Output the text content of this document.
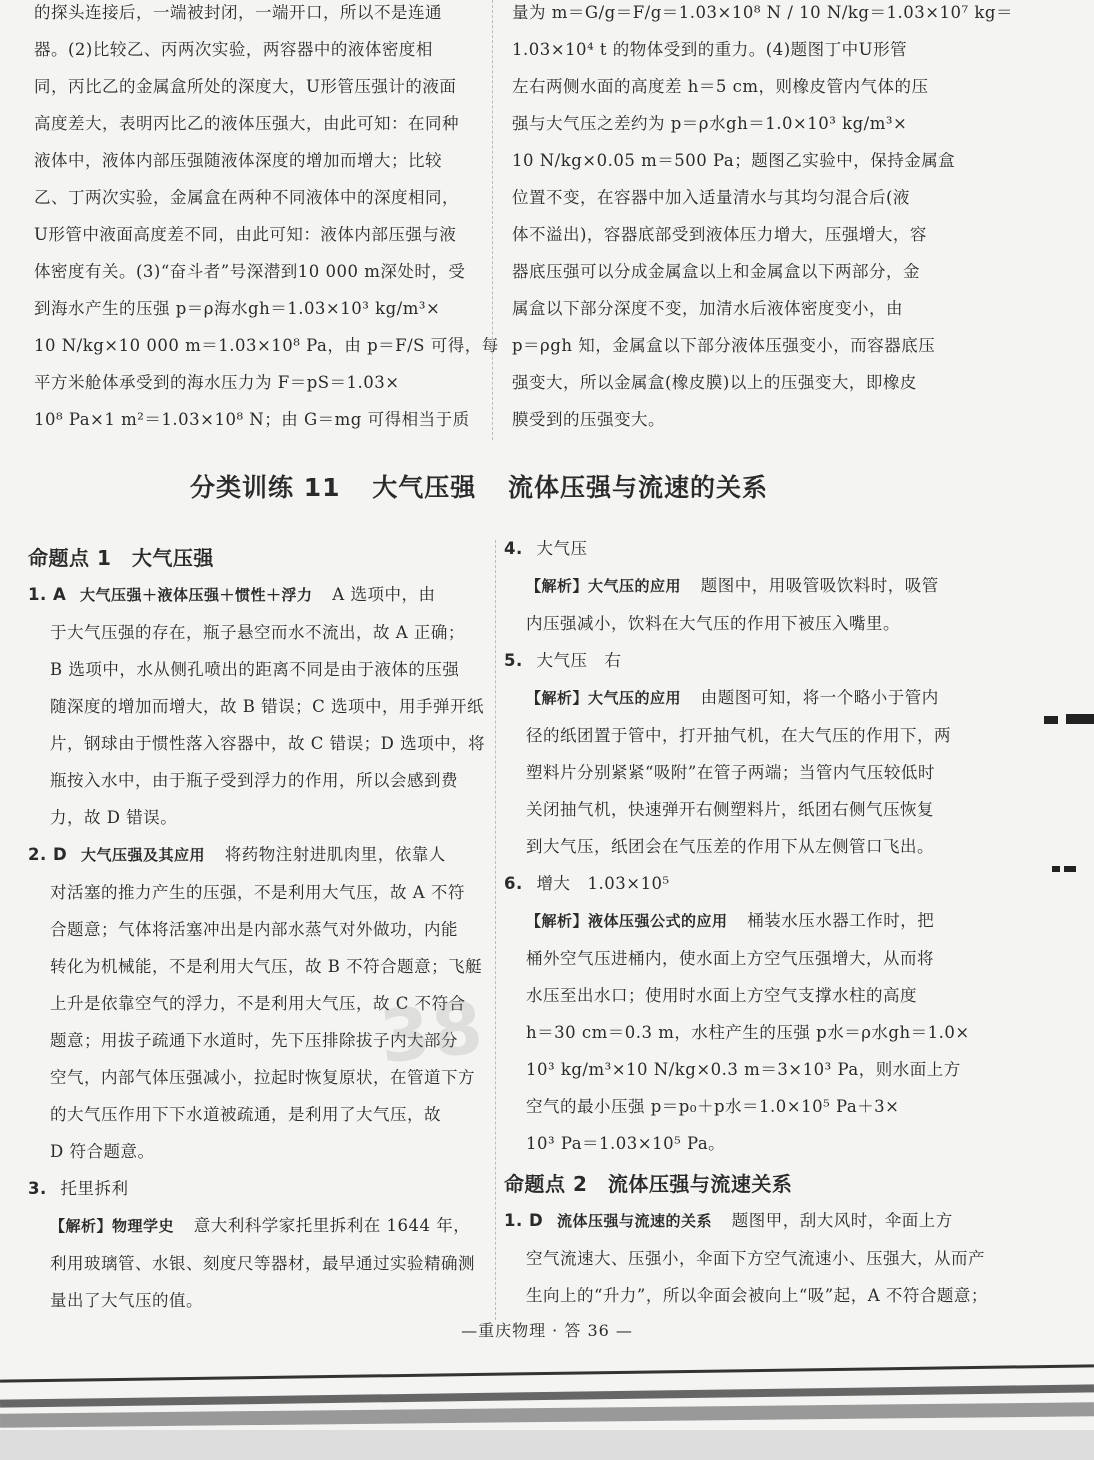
的探头连接后，一端被封闭，一端开口，所以不是连通

器。(2)比较乙、丙两次实验，两容器中的液体密度相

同，丙比乙的金属盒所处的深度大，U形管压强计的液面

高度差大，表明丙比乙的液体压强大，由此可知：在同种

液体中，液体内部压强随液体深度的增加而增大；比较

乙、丁两次实验，金属盒在两种不同液体中的深度相同，

U形管中液面高度差不同，由此可知：液体内部压强与液

体密度有关。(3)“奋斗者”号深潜到10 000 m深处时，受

到海水产生的压强 p＝ρ海水gh＝1.03×10³ kg/m³×

10 N/kg×10 000 m＝1.03×10⁸ Pa，由 p＝F/S 可得，每

平方米舱体承受到的海水压力为 F＝pS＝1.03×

10⁸ Pa×1 m²＝1.03×10⁸ N；由 G＝mg 可得相当于质

量为 m＝G/g＝F/g＝1.03×10⁸ N / 10 N/kg＝1.03×10⁷ kg＝

1.03×10⁴ t 的物体受到的重力。(4)题图丁中U形管

左右两侧水面的高度差 h＝5 cm，则橡皮管内气体的压

强与大气压之差约为 p＝ρ水gh＝1.0×10³ kg/m³×

10 N/kg×0.05 m＝500 Pa；题图乙实验中，保持金属盒

位置不变，在容器中加入适量清水与其均匀混合后(液

体不溢出)，容器底部受到液体压力增大，压强增大，容

器底压强可以分成金属盒以上和金属盒以下两部分，金

属盒以下部分深度不变，加清水后液体密度变小，由

p＝ρgh 知，金属盒以下部分液体压强变小，而容器底压

强变大，所以金属盒(橡皮膜)以上的压强变大，即橡皮

膜受到的压强变大。

分类训练 11 大气压强 流体压强与流速的关系

命题点 1　大气压强

1. A 大气压强＋液体压强＋惯性＋浮力 A 选项中，由

于大气压强的存在，瓶子悬空而水不流出，故 A 正确；

B 选项中，水从侧孔喷出的距离不同是由于液体的压强

随深度的增加而增大，故 B 错误；C 选项中，用手弹开纸

片，钢球由于惯性落入容器中，故 C 错误；D 选项中，将

瓶按入水中，由于瓶子受到浮力的作用，所以会感到费

力，故 D 错误。

2. D 大气压强及其应用 将药物注射进肌肉里，依靠人

对活塞的推力产生的压强，不是利用大气压，故 A 不符

合题意；气体将活塞冲出是内部水蒸气对外做功，内能

转化为机械能，不是利用大气压，故 B 不符合题意；飞艇

上升是依靠空气的浮力，不是利用大气压，故 C 不符合

题意；用拔子疏通下水道时，先下压排除拔子内大部分

空气，内部气体压强减小，拉起时恢复原状，在管道下方

的大气压作用下下水道被疏通，是利用了大气压，故

D 符合题意。

3. 托里拆利

【解析】物理学史 意大利科学家托里拆利在 1644 年，

利用玻璃管、水银、刻度尺等器材，最早通过实验精确测

量出了大气压的值。

4. 大气压

【解析】大气压的应用 题图中，用吸管吸饮料时，吸管

内压强减小，饮料在大气压的作用下被压入嘴里。

5. 大气压　右

【解析】大气压的应用 由题图可知，将一个略小于管内

径的纸团置于管中，打开抽气机，在大气压的作用下，两

塑料片分别紧紧“吸附”在管子两端；当管内气压较低时

关闭抽气机，快速弹开右侧塑料片，纸团右侧气压恢复

到大气压，纸团会在气压差的作用下从左侧管口飞出。

6. 增大　1.03×10⁵

【解析】液体压强公式的应用 桶装水压水器工作时，把

桶外空气压进桶内，使水面上方空气压强增大，从而将

水压至出水口；使用时水面上方空气支撑水柱的高度

h＝30 cm＝0.3 m，水柱产生的压强 p水＝ρ水gh＝1.0×

10³ kg/m³×10 N/kg×0.3 m＝3×10³ Pa，则水面上方

空气的最小压强 p＝p₀＋p水＝1.0×10⁵ Pa＋3×

10³ Pa＝1.03×10⁵ Pa。

命题点 2　流体压强与流速关系

1. D 流体压强与流速的关系 题图甲，刮大风时，伞面上方

空气流速大、压强小，伞面下方空气流速小、压强大，从而产

生向上的“升力”，所以伞面会被向上“吸”起，A 不符合题意；

38
—重庆物理 · 答 36 —
